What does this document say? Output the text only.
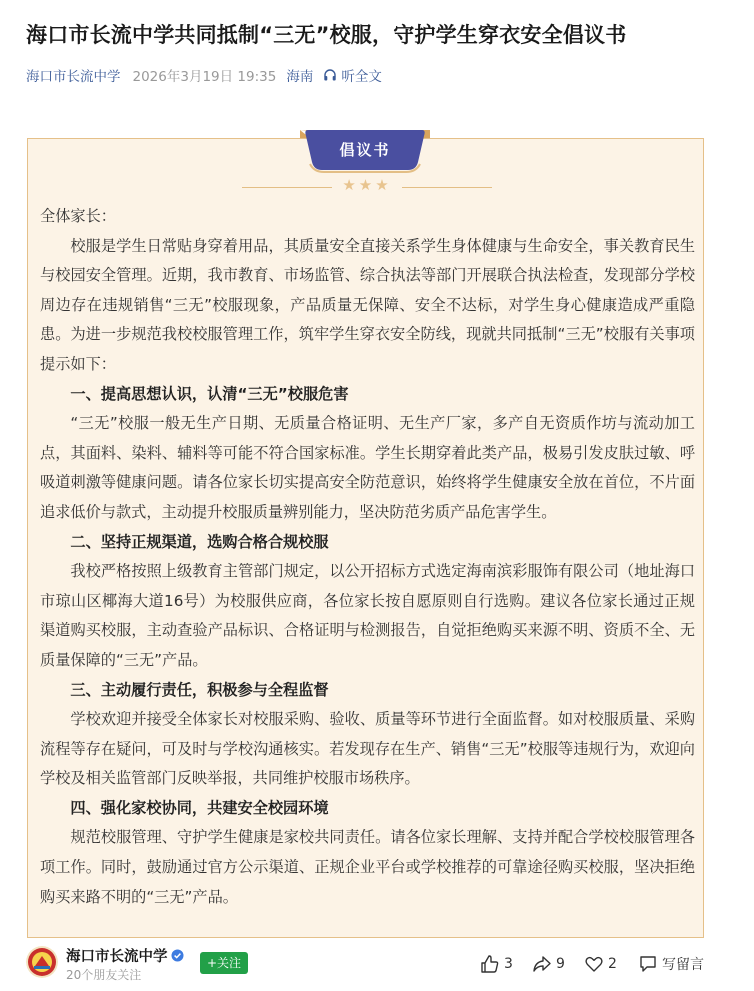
海口市长流中学共同抵制“三无”校服，守护学生穿衣安全倡议书
海口市长流中学 2026年3月19日 19:35 海南 听全文
倡议书
★★★

全体家长：

校服是学生日常贴身穿着用品，其质量安全直接关系学生身体健康与生命安全，事关教育民生与校园安全管理。近期，我市教育、市场监管、综合执法等部门开展联合执法检查，发现部分学校周边存在违规销售“三无”校服现象，产品质量无保障、安全不达标，对学生身心健康造成严重隐患。为进一步规范我校校服管理工作，筑牢学生穿衣安全防线，现就共同抵制“三无”校服有关事项提示如下：

一、提高思想认识，认清“三无”校服危害

“三无”校服一般无生产日期、无质量合格证明、无生产厂家，多产自无资质作坊与流动加工点，其面料、染料、辅料等可能不符合国家标准。学生长期穿着此类产品，极易引发皮肤过敏、呼吸道刺激等健康问题。请各位家长切实提高安全防范意识，始终将学生健康安全放在首位，不片面追求低价与款式，主动提升校服质量辨别能力，坚决防范劣质产品危害学生。

二、坚持正规渠道，选购合格合规校服

我校严格按照上级教育主管部门规定，以公开招标方式选定海南滨彩服饰有限公司（地址海口市琼山区椰海大道16号）为校服供应商，各位家长按自愿原则自行选购。建议各位家长通过正规渠道购买校服，主动查验产品标识、合格证明与检测报告，自觉拒绝购买来源不明、资质不全、无质量保障的“三无”产品。

三、主动履行责任，积极参与全程监督

学校欢迎并接受全体家长对校服采购、验收、质量等环节进行全面监督。如对校服质量、采购流程等存在疑问，可及时与学校沟通核实。若发现存在生产、销售“三无”校服等违规行为，欢迎向学校及相关监管部门反映举报，共同维护校服市场秩序。

四、强化家校协同，共建安全校园环境

规范校服管理、守护学生健康是家校共同责任。请各位家长理解、支持并配合学校校服管理各项工作。同时，鼓励通过官方公示渠道、正规企业平台或学校推荐的可靠途径购买校服，坚决拒绝购买来路不明的“三无”产品。

海口市长流中学
20个朋友关注
+关注	3	9	2	写留言
